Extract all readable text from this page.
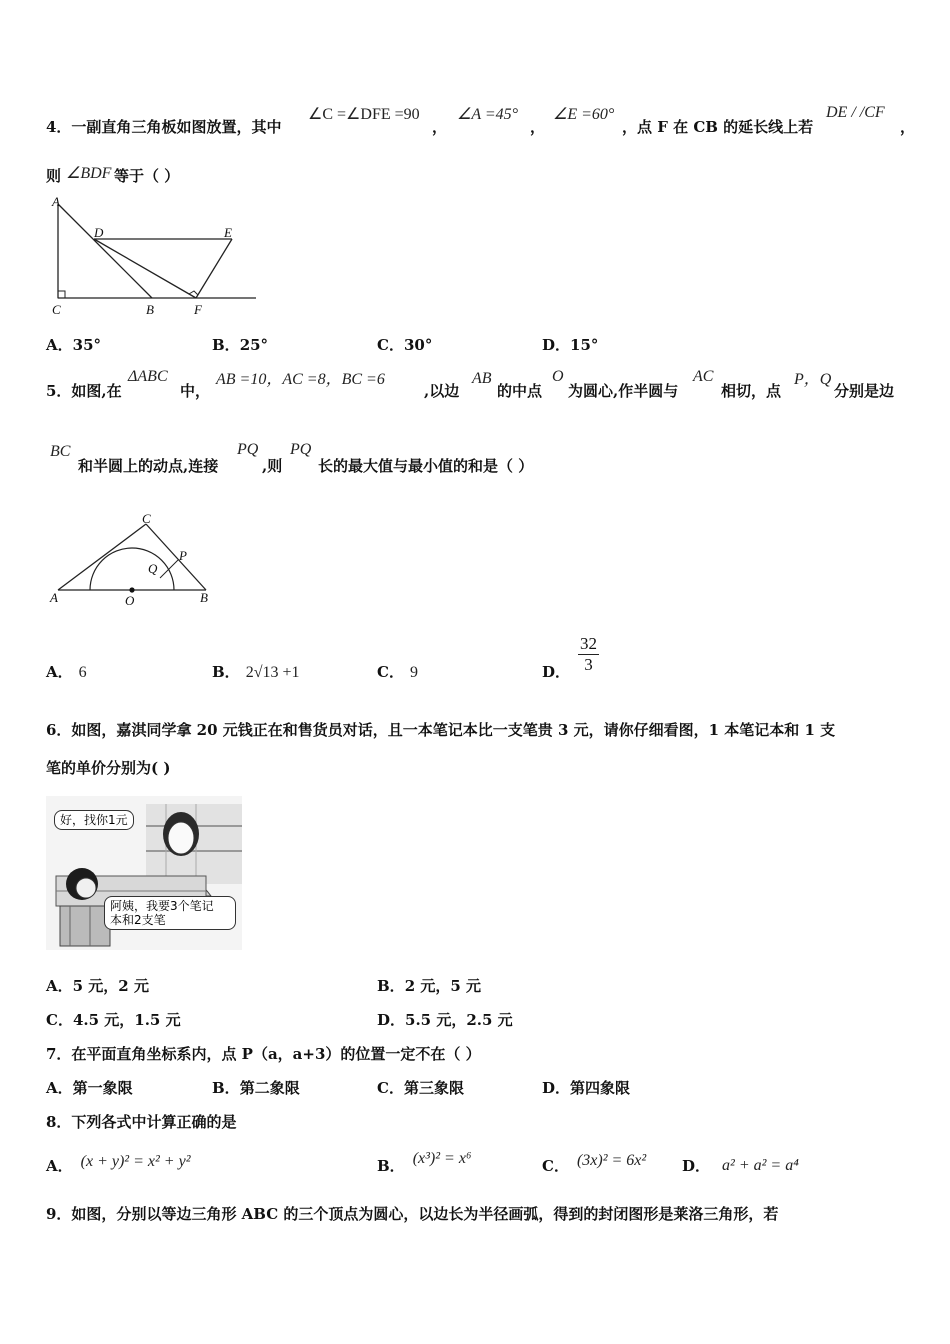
4．一副直角三角板如图放置，其中
∠C =∠DFE =90
，
∠A =45°
，
∠E =60°
，点 F 在 CB 的延长线上若
DE / /CF
，
则 ∠BDF 等于（ ）
A
D	E
C	B	F
A．35°	B．25°	C．30°	D．15°
5．如图,在
ΔABC
中，
AB =10，AC =8，BC =6
,以边
AB
的中点
O
为圆心,作半圆与
AC
相切，点
P，Q
分别是边
BC
和半圆上的动点,连接
PQ
,则
PQ
长的最大值与最小值的和是（ ）
C
P
Q
A	O	B
A． 6	B． 2√13 +1	C． 9	D． $\frac{32}{3}$
6．如图，嘉淇同学拿 20 元钱正在和售货员对话，且一本笔记本比一支笔贵 3 元，请你仔细看图，1 本笔记本和 1 支
笔的单价分别为( )
好，找你1元
阿姨，我要3个笔记
本和2支笔
A．5 元，2 元	B．2 元，5 元
C．4.5 元，1.5 元	D．5.5 元，2.5 元
7．在平面直角坐标系内，点 P（a，a+3）的位置一定不在（ ）
A．第一象限	B．第二象限	C．第三象限	D．第四象限
8．下列各式中计算正确的是
A． (x + y)² = x² + y²	B． (x³)² = x⁶	C． (3x)² = 6x² D． a² + a² = a⁴
9．如图，分别以等边三角形 ABC 的三个顶点为圆心，以边长为半径画弧，得到的封闭图形是莱洛三角形，若
